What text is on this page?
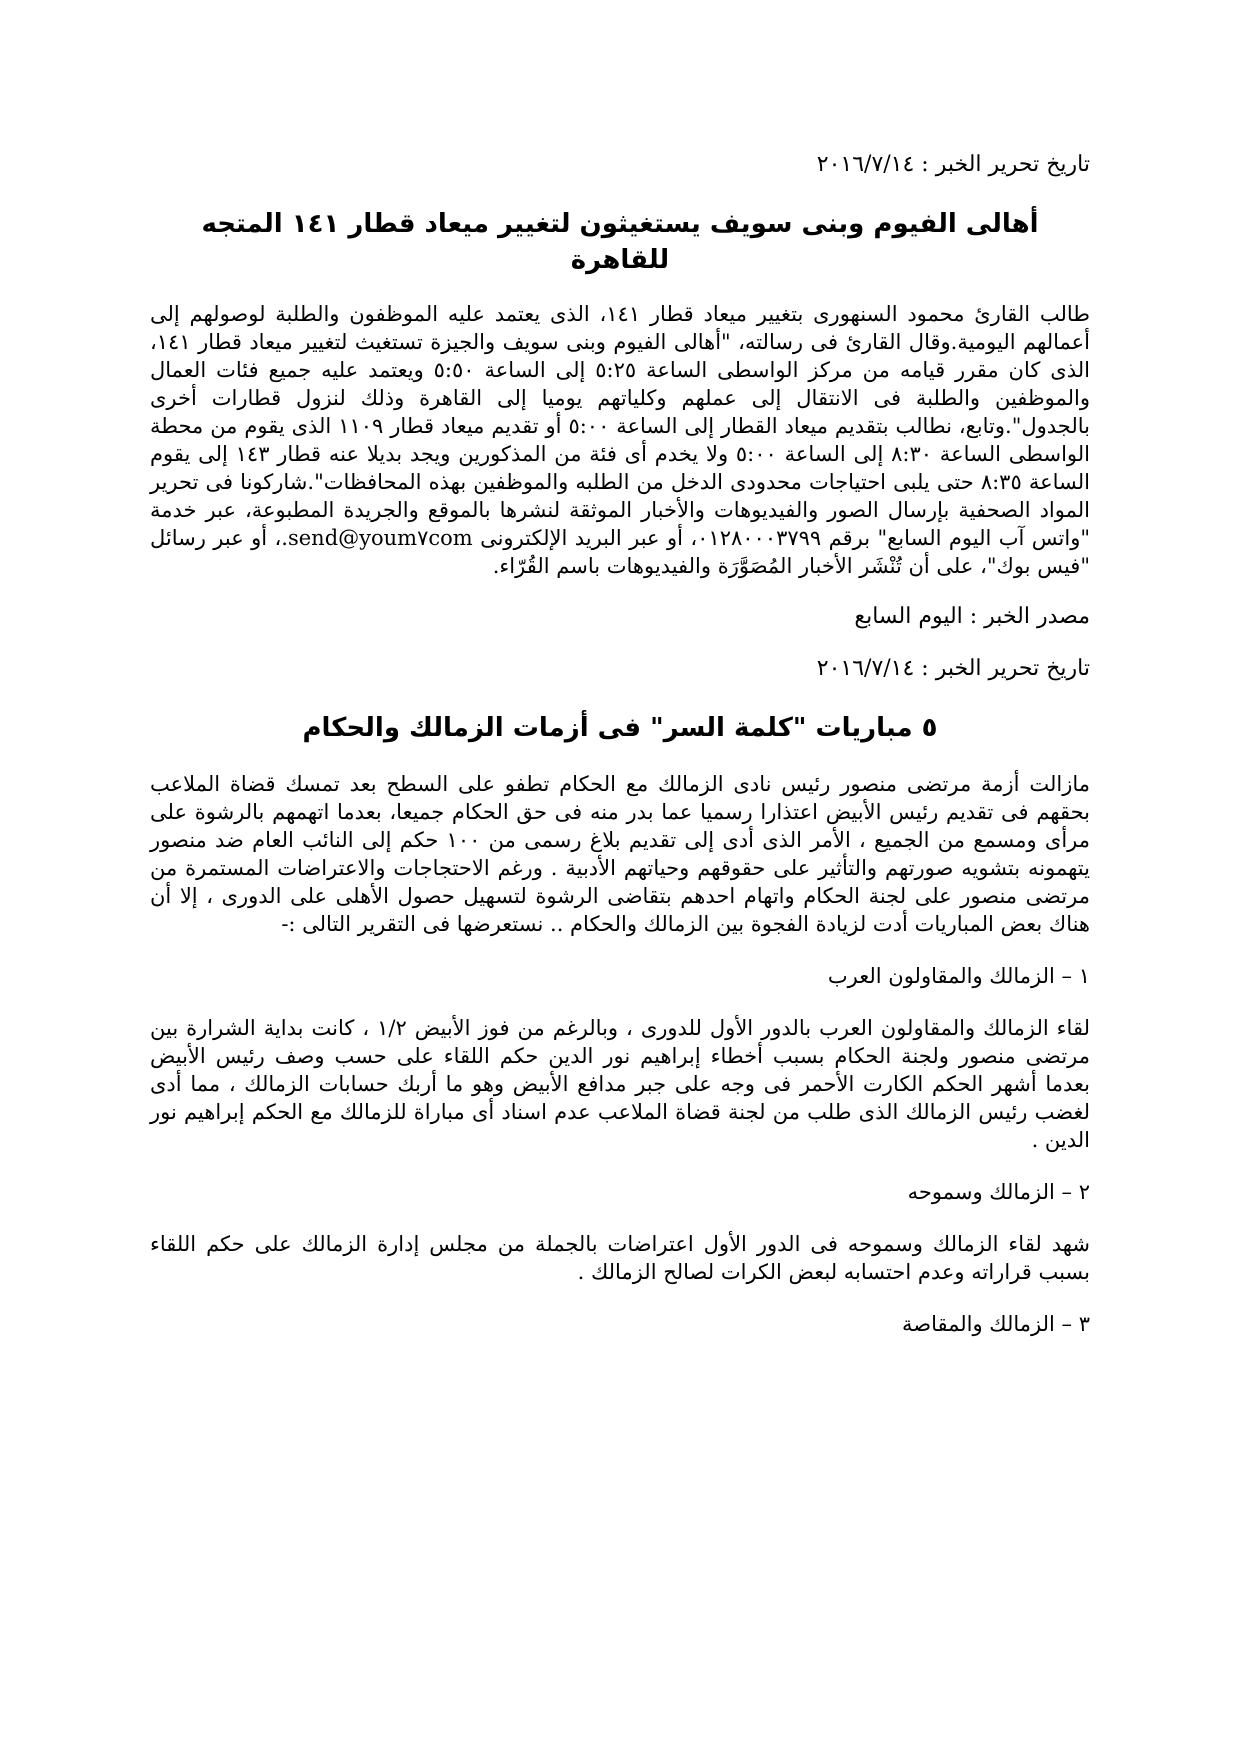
تاريخ تحرير الخبر : ٢٠١٦/٧/١٤

أهالى الفيوم وبنى سويف يستغيثون لتغيير ميعاد قطار ١٤١ المتجه للقاهرة

طالب القارئ محمود السنهورى بتغيير ميعاد قطار ١٤١، الذى يعتمد عليه الموظفون والطلبة لوصولهم إلى أعمالهم اليومية.وقال القارئ فى رسالته، "أهالى الفيوم وبنى سويف والجيزة تستغيث لتغيير ميعاد قطار ١٤١، الذى كان مقرر قيامه من مركز الواسطى الساعة ٥:٢٥ إلى الساعة ٥:٥٠ ويعتمد عليه جميع فئات العمال والموظفين والطلبة فى الانتقال إلى عملهم وكلياتهم يوميا إلى القاهرة وذلك لنزول قطارات أخرى بالجدول".وتابع، نطالب بتقديم ميعاد القطار إلى الساعة ٥:٠٠ أو تقديم ميعاد قطار ١١٠٩ الذى يقوم من محطة الواسطى الساعة ٨:٣٠ إلى الساعة ٥:٠٠ ولا يخدم أى فئة من المذكورين ويجد بديلا عنه قطار ١٤٣ إلى يقوم الساعة ٨:٣٥ حتى يلبى احتياجات محدودى الدخل من الطلبه والموظفين بهذه المحافظات".شاركونا فى تحرير المواد الصحفية بإرسال الصور والفيديوهات والأخبار الموثقة لنشرها بالموقع والجريدة المطبوعة، عبر خدمة "واتس آب اليوم السابع" برقم ٠١٢٨٠٠٠٣٧٩٩، أو عبر البريد الإلكترونى send@youm٧com.، أو عبر رسائل "فيس بوك"، على أن تُنْشَر الأخبار المُصَوَّرَة والفيديوهات باسم القُرّاء.

مصدر الخبر : اليوم السابع

تاريخ تحرير الخبر : ٢٠١٦/٧/١٤

٥ مباريات "كلمة السر" فى أزمات الزمالك والحكام

مازالت أزمة مرتضى منصور رئيس نادى الزمالك مع الحكام تطفو على السطح بعد تمسك قضاة الملاعب بحقهم فى تقديم رئيس الأبيض اعتذارا رسميا عما بدر منه فى حق الحكام جميعا، بعدما اتهمهم بالرشوة على مرأى ومسمع من الجميع ، الأمر الذى أدى إلى تقديم بلاغ رسمى من ١٠٠ حكم إلى النائب العام ضد منصور يتهمونه بتشويه صورتهم والتأثير على حقوقهم وحياتهم الأدبية . ورغم الاحتجاجات والاعتراضات المستمرة من مرتضى منصور على لجنة الحكام واتهام احدهم بتقاضى الرشوة لتسهيل حصول الأهلى على الدورى ، إلا أن هناك بعض المباريات أدت لزيادة الفجوة بين الزمالك والحكام .. نستعرضها فى التقرير التالى :-

١ – الزمالك والمقاولون العرب

لقاء الزمالك والمقاولون العرب بالدور الأول للدورى ، وبالرغم من فوز الأبيض ١/٢ ، كانت بداية الشرارة بين مرتضى منصور ولجنة الحكام بسبب أخطاء إبراهيم نور الدين حكم اللقاء على حسب وصف رئيس الأبيض بعدما أشهر الحكم الكارت الأحمر فى وجه على جبر مدافع الأبيض وهو ما أربك حسابات الزمالك ، مما أدى لغضب رئيس الزمالك الذى طلب من لجنة قضاة الملاعب عدم اسناد أى مباراة للزمالك مع الحكم إبراهيم نور الدين .

٢ – الزمالك وسموحه

شهد لقاء الزمالك وسموحه فى الدور الأول اعتراضات بالجملة من مجلس إدارة الزمالك على حكم اللقاء بسبب قراراته وعدم احتسابه لبعض الكرات لصالح الزمالك .

٣ – الزمالك والمقاصة
